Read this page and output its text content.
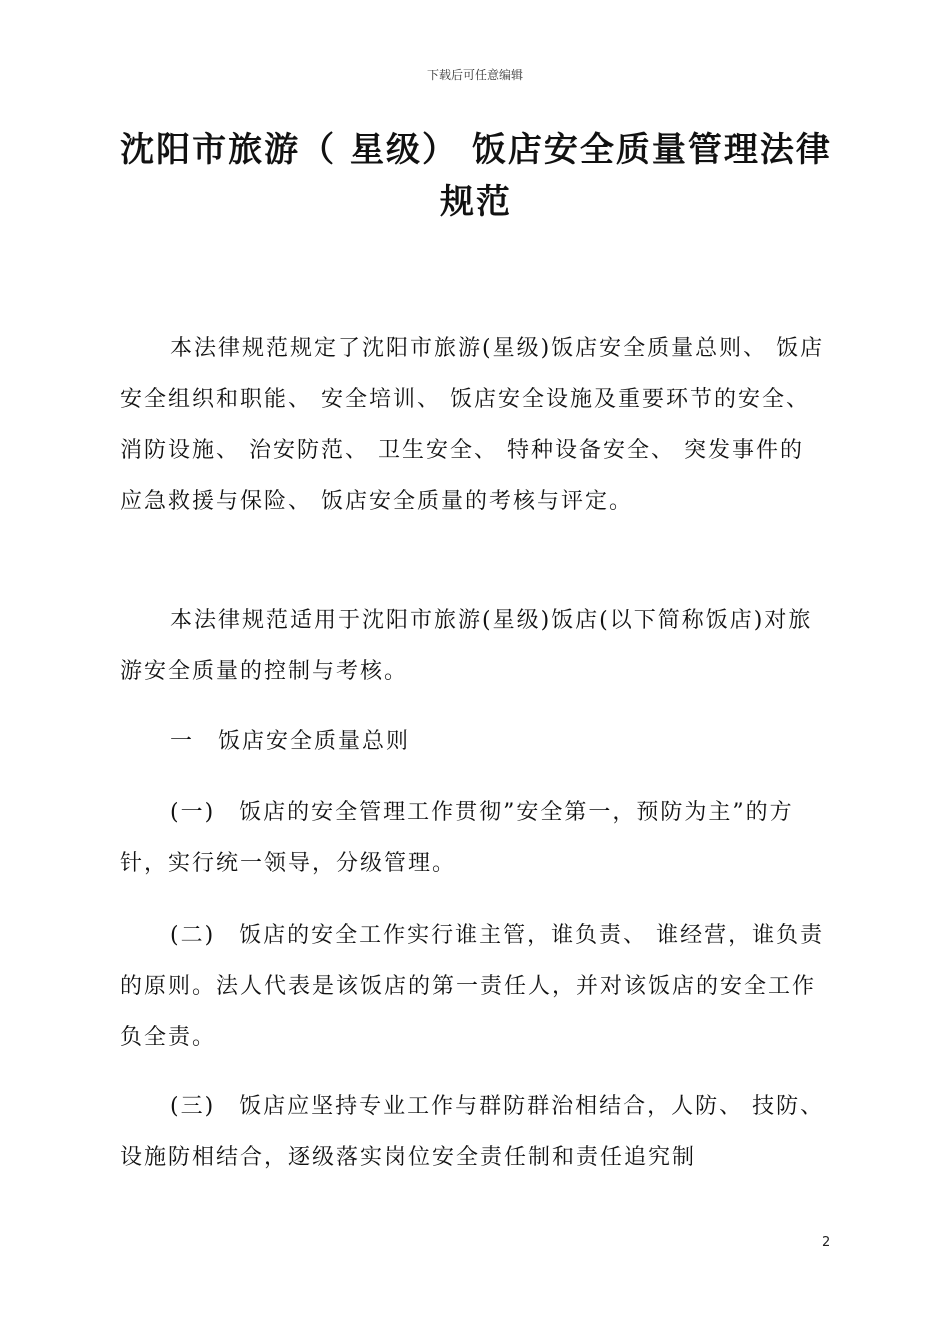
下载后可任意编辑
沈阳市旅游（ 星级） 饭店安全质量管理法律规范
本法律规范规定了沈阳市旅游(星级)饭店安全质量总则、 饭店安全组织和职能、 安全培训、 饭店安全设施及重要环节的安全、 消防设施、 治安防范、 卫生安全、 特种设备安全、 突发事件的应急救援与保险、 饭店安全质量的考核与评定。
本法律规范适用于沈阳市旅游(星级)饭店(以下简称饭店)对旅游安全质量的控制与考核。
一　饭店安全质量总则
(一)　饭店的安全管理工作贯彻”安全第一，预防为主”的方针，实行统一领导，分级管理。
(二)　饭店的安全工作实行谁主管，谁负责、 谁经营，谁负责的原则。法人代表是该饭店的第一责任人，并对该饭店的安全工作负全责。
(三)　饭店应坚持专业工作与群防群治相结合，人防、 技防、 设施防相结合，逐级落实岗位安全责任制和责任追究制
2
